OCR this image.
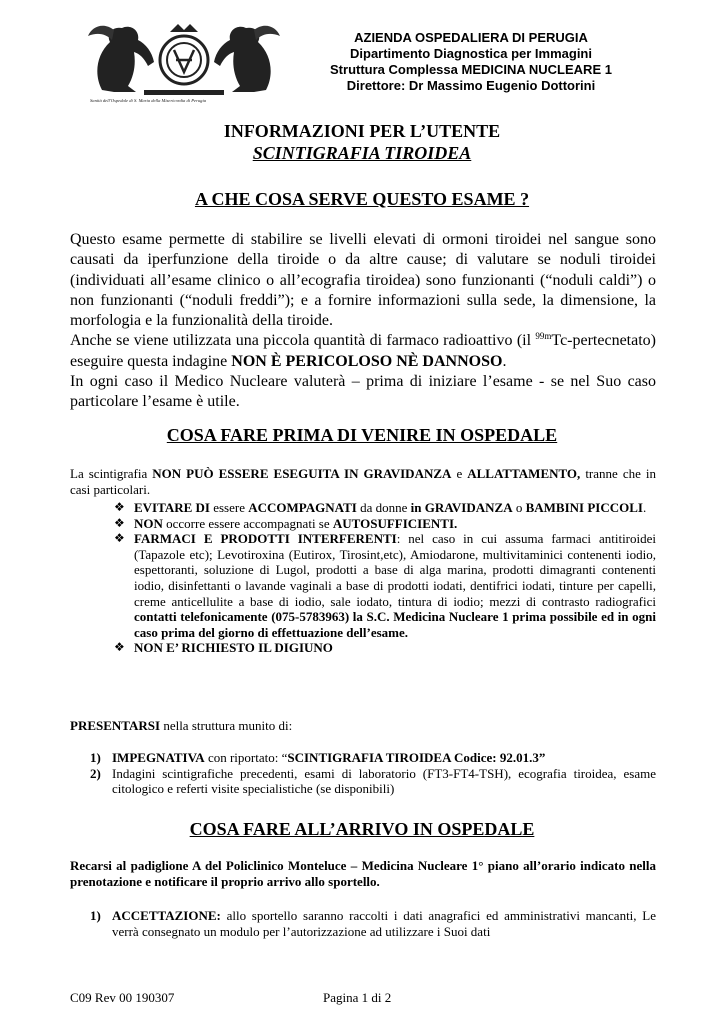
Sanità dell'Ospedale di S. Maria della Misericordia di Perugia
AZIENDA OSPEDALIERA DI PERUGIA
Dipartimento Diagnostica per Immagini
Struttura Complessa MEDICINA NUCLEARE 1
Direttore: Dr Massimo Eugenio Dottorini
INFORMAZIONI PER L’UTENTE
SCINTIGRAFIA TIROIDEA
A CHE COSA SERVE QUESTO ESAME ?
Questo esame permette di stabilire se livelli elevati di ormoni tiroidei nel sangue sono causati da iperfunzione della tiroide o da altre cause; di valutare se noduli tiroidei (individuati all’esame clinico o all’ecografia tiroidea) sono funzionanti (“noduli caldi”) o non funzionanti (“noduli freddi”); e a fornire informazioni sulla sede, la dimensione, la morfologia e la funzionalità della tiroide.
Anche se viene utilizzata una piccola quantità di farmaco radioattivo (il $^{99m}$Tc-pertecnetato) eseguire questa indagine NON È PERICOLOSO NÈ DANNOSO.
In ogni caso il Medico Nucleare valuterà – prima di iniziare l’esame - se nel Suo caso particolare l’esame è utile.
COSA FARE PRIMA DI VENIRE IN OSPEDALE
La scintigrafia NON PUÒ ESSERE ESEGUITA IN GRAVIDANZA e ALLATTAMENTO, tranne che in casi particolari.
❖ EVITARE DI essere ACCOMPAGNATI da donne in GRAVIDANZA o BAMBINI PICCOLI.
❖ NON occorre essere accompagnati se AUTOSUFFICIENTI.
❖ FARMACI E PRODOTTI INTERFERENTI: nel caso in cui assuma farmaci antitiroidei (Tapazole etc); Levotiroxina (Eutirox, Tirosint,etc), Amiodarone, multivitaminici contenenti iodio, espettoranti, soluzione di Lugol, prodotti a base di alga marina, prodotti dimagranti contenenti iodio, disinfettanti o lavande vaginali a base di prodotti iodati, dentifrici iodati, tinture per capelli, creme anticellulite a base di iodio, sale iodato, tintura di iodio; mezzi di contrasto radiografici contatti telefonicamente (075-5783963) la S.C. Medicina Nucleare 1 prima possibile ed in ogni caso prima del giorno di effettuazione dell’esame.
❖ NON E’ RICHIESTO IL DIGIUNO
PRESENTARSI nella struttura munito di:
1) IMPEGNATIVA con riportato: “SCINTIGRAFIA TIROIDEA Codice: 92.01.3”
2) Indagini scintigrafiche precedenti, esami di laboratorio (FT3-FT4-TSH), ecografia tiroidea, esame citologico e referti visite specialistiche (se disponibili)
COSA FARE ALL’ARRIVO IN OSPEDALE
Recarsi al padiglione A del Policlinico Monteluce – Medicina Nucleare 1° piano all’orario indicato nella prenotazione e notificare il proprio arrivo allo sportello.
1) ACCETTAZIONE: allo sportello saranno raccolti i dati anagrafici ed amministrativi mancanti, Le verrà consegnato un modulo per l’autorizzazione ad utilizzare i Suoi dati
C09 Rev 00 190307	Pagina 1 di 2
